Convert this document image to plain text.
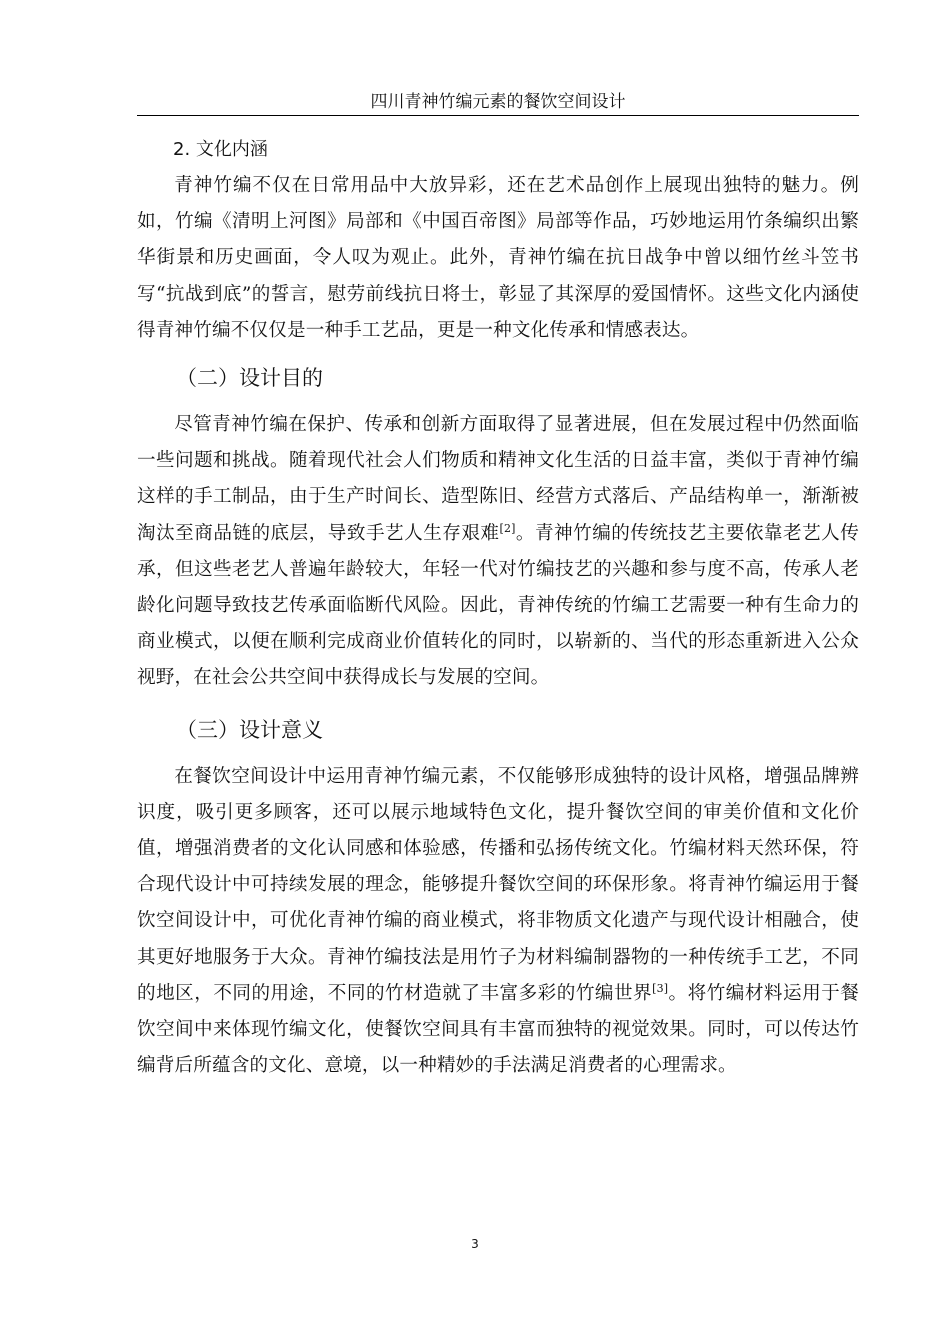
四川青神竹编元素的餐饮空间设计
2. 文化内涵

青神竹编不仅在日常用品中大放异彩，还在艺术品创作上展现出独特的魅力。例如，竹编《清明上河图》局部和《中国百帝图》局部等作品，巧妙地运用竹条编织出繁华街景和历史画面，令人叹为观止。此外，青神竹编在抗日战争中曾以细竹丝斗笠书写“抗战到底”的誓言，慰劳前线抗日将士，彰显了其深厚的爱国情怀。这些文化内涵使得青神竹编不仅仅是一种手工艺品，更是一种文化传承和情感表达。

（二）设计目的

尽管青神竹编在保护、传承和创新方面取得了显著进展，但在发展过程中仍然面临一些问题和挑战。随着现代社会人们物质和精神文化生活的日益丰富，类似于青神竹编这样的手工制品，由于生产时间长、造型陈旧、经营方式落后、产品结构单一，渐渐被淘汰至商品链的底层，导致手艺人生存艰难[2]。青神竹编的传统技艺主要依靠老艺人传承，但这些老艺人普遍年龄较大，年轻一代对竹编技艺的兴趣和参与度不高，传承人老龄化问题导致技艺传承面临断代风险。因此，青神传统的竹编工艺需要一种有生命力的商业模式，以便在顺利完成商业价值转化的同时，以崭新的、当代的形态重新进入公众视野，在社会公共空间中获得成长与发展的空间。

（三）设计意义

在餐饮空间设计中运用青神竹编元素，不仅能够形成独特的设计风格，增强品牌辨识度，吸引更多顾客，还可以展示地域特色文化，提升餐饮空间的审美价值和文化价值，增强消费者的文化认同感和体验感，传播和弘扬传统文化。竹编材料天然环保，符合现代设计中可持续发展的理念，能够提升餐饮空间的环保形象。将青神竹编运用于餐饮空间设计中，可优化青神竹编的商业模式，将非物质文化遗产与现代设计相融合，使其更好地服务于大众。青神竹编技法是用竹子为材料编制器物的一种传统手工艺，不同的地区，不同的用途，不同的竹材造就了丰富多彩的竹编世界[3]。将竹编材料运用于餐饮空间中来体现竹编文化，使餐饮空间具有丰富而独特的视觉效果。同时，可以传达竹编背后所蕴含的文化、意境，以一种精妙的手法满足消费者的心理需求。

3
